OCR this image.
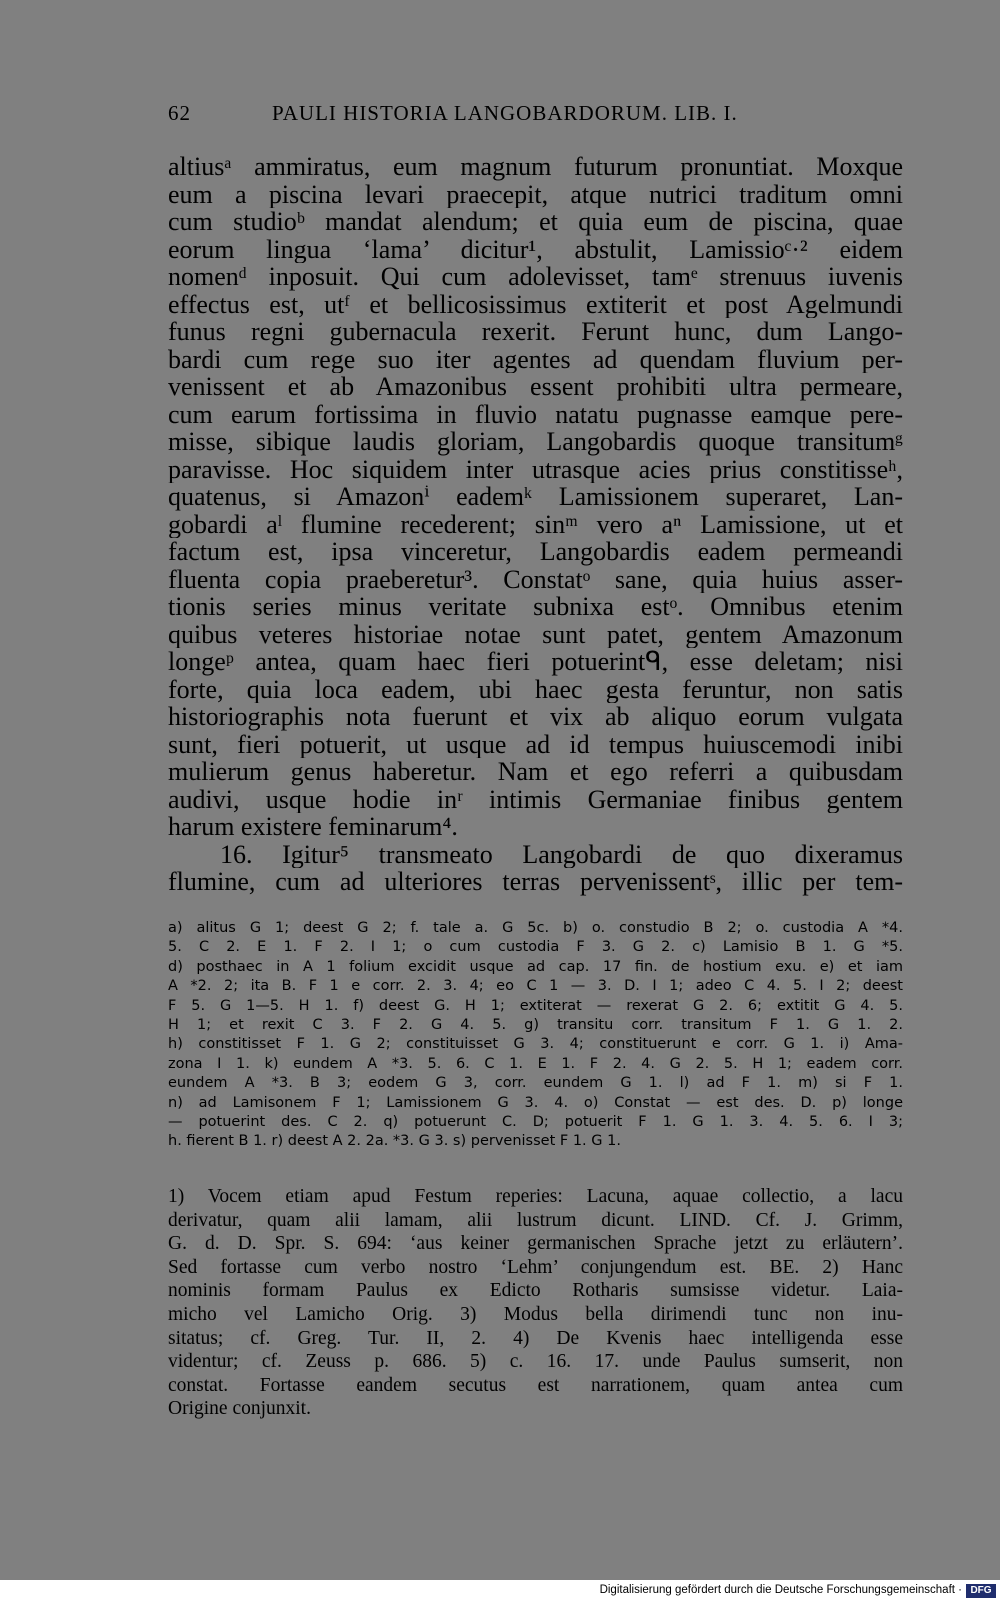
62	PAULI HISTORIA LANGOBARDORUM. LIB. I.
altiusᵃ ammiratus, eum magnum futurum pronuntiat. Moxque
eum a piscina levari praecepit, atque nutrici traditum omni
cum studioᵇ mandat alendum; et quia eum de piscina, quae
eorum lingua ‘lama’ dicitur¹, abstulit, Lamissioᶜ·² eidem
nomenᵈ inposuit. Qui cum adolevisset, tamᵉ strenuus iuvenis
effectus est, utᶠ et bellicosissimus extiterit et post Agelmundi
funus regni gubernacula rexerit. Ferunt hunc, dum Lango-
bardi cum rege suo iter agentes ad quendam fluvium per-
venissent et ab Amazonibus essent prohibiti ultra permeare,
cum earum fortissima in fluvio natatu pugnasse eamque pere-
misse, sibique laudis gloriam, Langobardis quoque transitumᵍ
paravisse. Hoc siquidem inter utrasque acies prius constitisseʰ,
quatenus, si Amazonⁱ eademᵏ Lamissionem superaret, Lan-
gobardi aˡ flumine recederent; sinᵐ vero aⁿ Lamissione, ut et
factum est, ipsa vinceretur, Langobardis eadem permeandi
fluenta copia praeberetur³. Constatᵒ sane, quia huius asser-
tionis series minus veritate subnixa estᵒ. Omnibus etenim
quibus veteres historiae notae sunt patet, gentem Amazonum
longeᵖ antea, quam haec fieri potuerintᑫ, esse deletam; nisi
forte, quia loca eadem, ubi haec gesta feruntur, non satis
historiographis nota fuerunt et vix ab aliquo eorum vulgata
sunt, fieri potuerit, ut usque ad id tempus huiuscemodi inibi
mulierum genus haberetur. Nam et ego referri a quibusdam
audivi, usque hodie inʳ intimis Germaniae finibus gentem
harum existere feminarum⁴.
16. Igitur⁵ transmeato Langobardi de quo dixeramus
flumine, cum ad ulteriores terras pervenissentˢ, illic per tem-
a) alitus G 1; deest G 2; f. tale a. G 5c. b) o. constudio B 2; o. custodia A *4.
5. C 2. E 1. F 2. I 1; o cum custodia F 3. G 2. c) Lamisio B 1. G *5.
d) posthaec in A 1 folium excidit usque ad cap. 17 fin. de hostium exu. e) et iam
A *2. 2; ita B. F 1 e corr. 2. 3. 4; eo C 1 — 3. D. I 1; adeo C 4. 5. I 2; deest
F 5. G 1—5. H 1. f) deest G. H 1; extiterat — rexerat G 2. 6; extitit G 4. 5.
H 1; et rexit C 3. F 2. G 4. 5. g) transitu corr. transitum F 1. G 1. 2.
h) constitisset F 1. G 2; constituisset G 3. 4; constituerunt e corr. G 1. i) Ama-
zona I 1. k) eundem A *3. 5. 6. C 1. E 1. F 2. 4. G 2. 5. H 1; eadem corr.
eundem A *3. B 3; eodem G 3, corr. eundem G 1. l) ad F 1. m) si F 1.
n) ad Lamisonem F 1; Lamissionem G 3. 4. o) Constat — est des. D. p) longe
— potuerint des. C 2. q) potuerunt C. D; potuerit F 1. G 1. 3. 4. 5. 6. I 3;
h. fierent B 1. r) deest A 2. 2a. *3. G 3. s) pervenisset F 1. G 1.
1) Vocem etiam apud Festum reperies: Lacuna, aquae collectio, a lacu
derivatur, quam alii lamam, alii lustrum dicunt. LIND. Cf. J. Grimm,
G. d. D. Spr. S. 694: ‘aus keiner germanischen Sprache jetzt zu erläutern’.
Sed fortasse cum verbo nostro ‘Lehm’ conjungendum est. BE. 2) Hanc
nominis formam Paulus ex Edicto Rotharis sumsisse videtur. Laia-
micho vel Lamicho Orig. 3) Modus bella dirimendi tunc non inu-
sitatus; cf. Greg. Tur. II, 2. 4) De Kvenis haec intelligenda esse
videntur; cf. Zeuss p. 686. 5) c. 16. 17. unde Paulus sumserit, non
constat. Fortasse eandem secutus est narrationem, quam antea cum
Origine conjunxit.
Digitalisierung gefördert durch die Deutsche Forschungsgemeinschaft · DFG
